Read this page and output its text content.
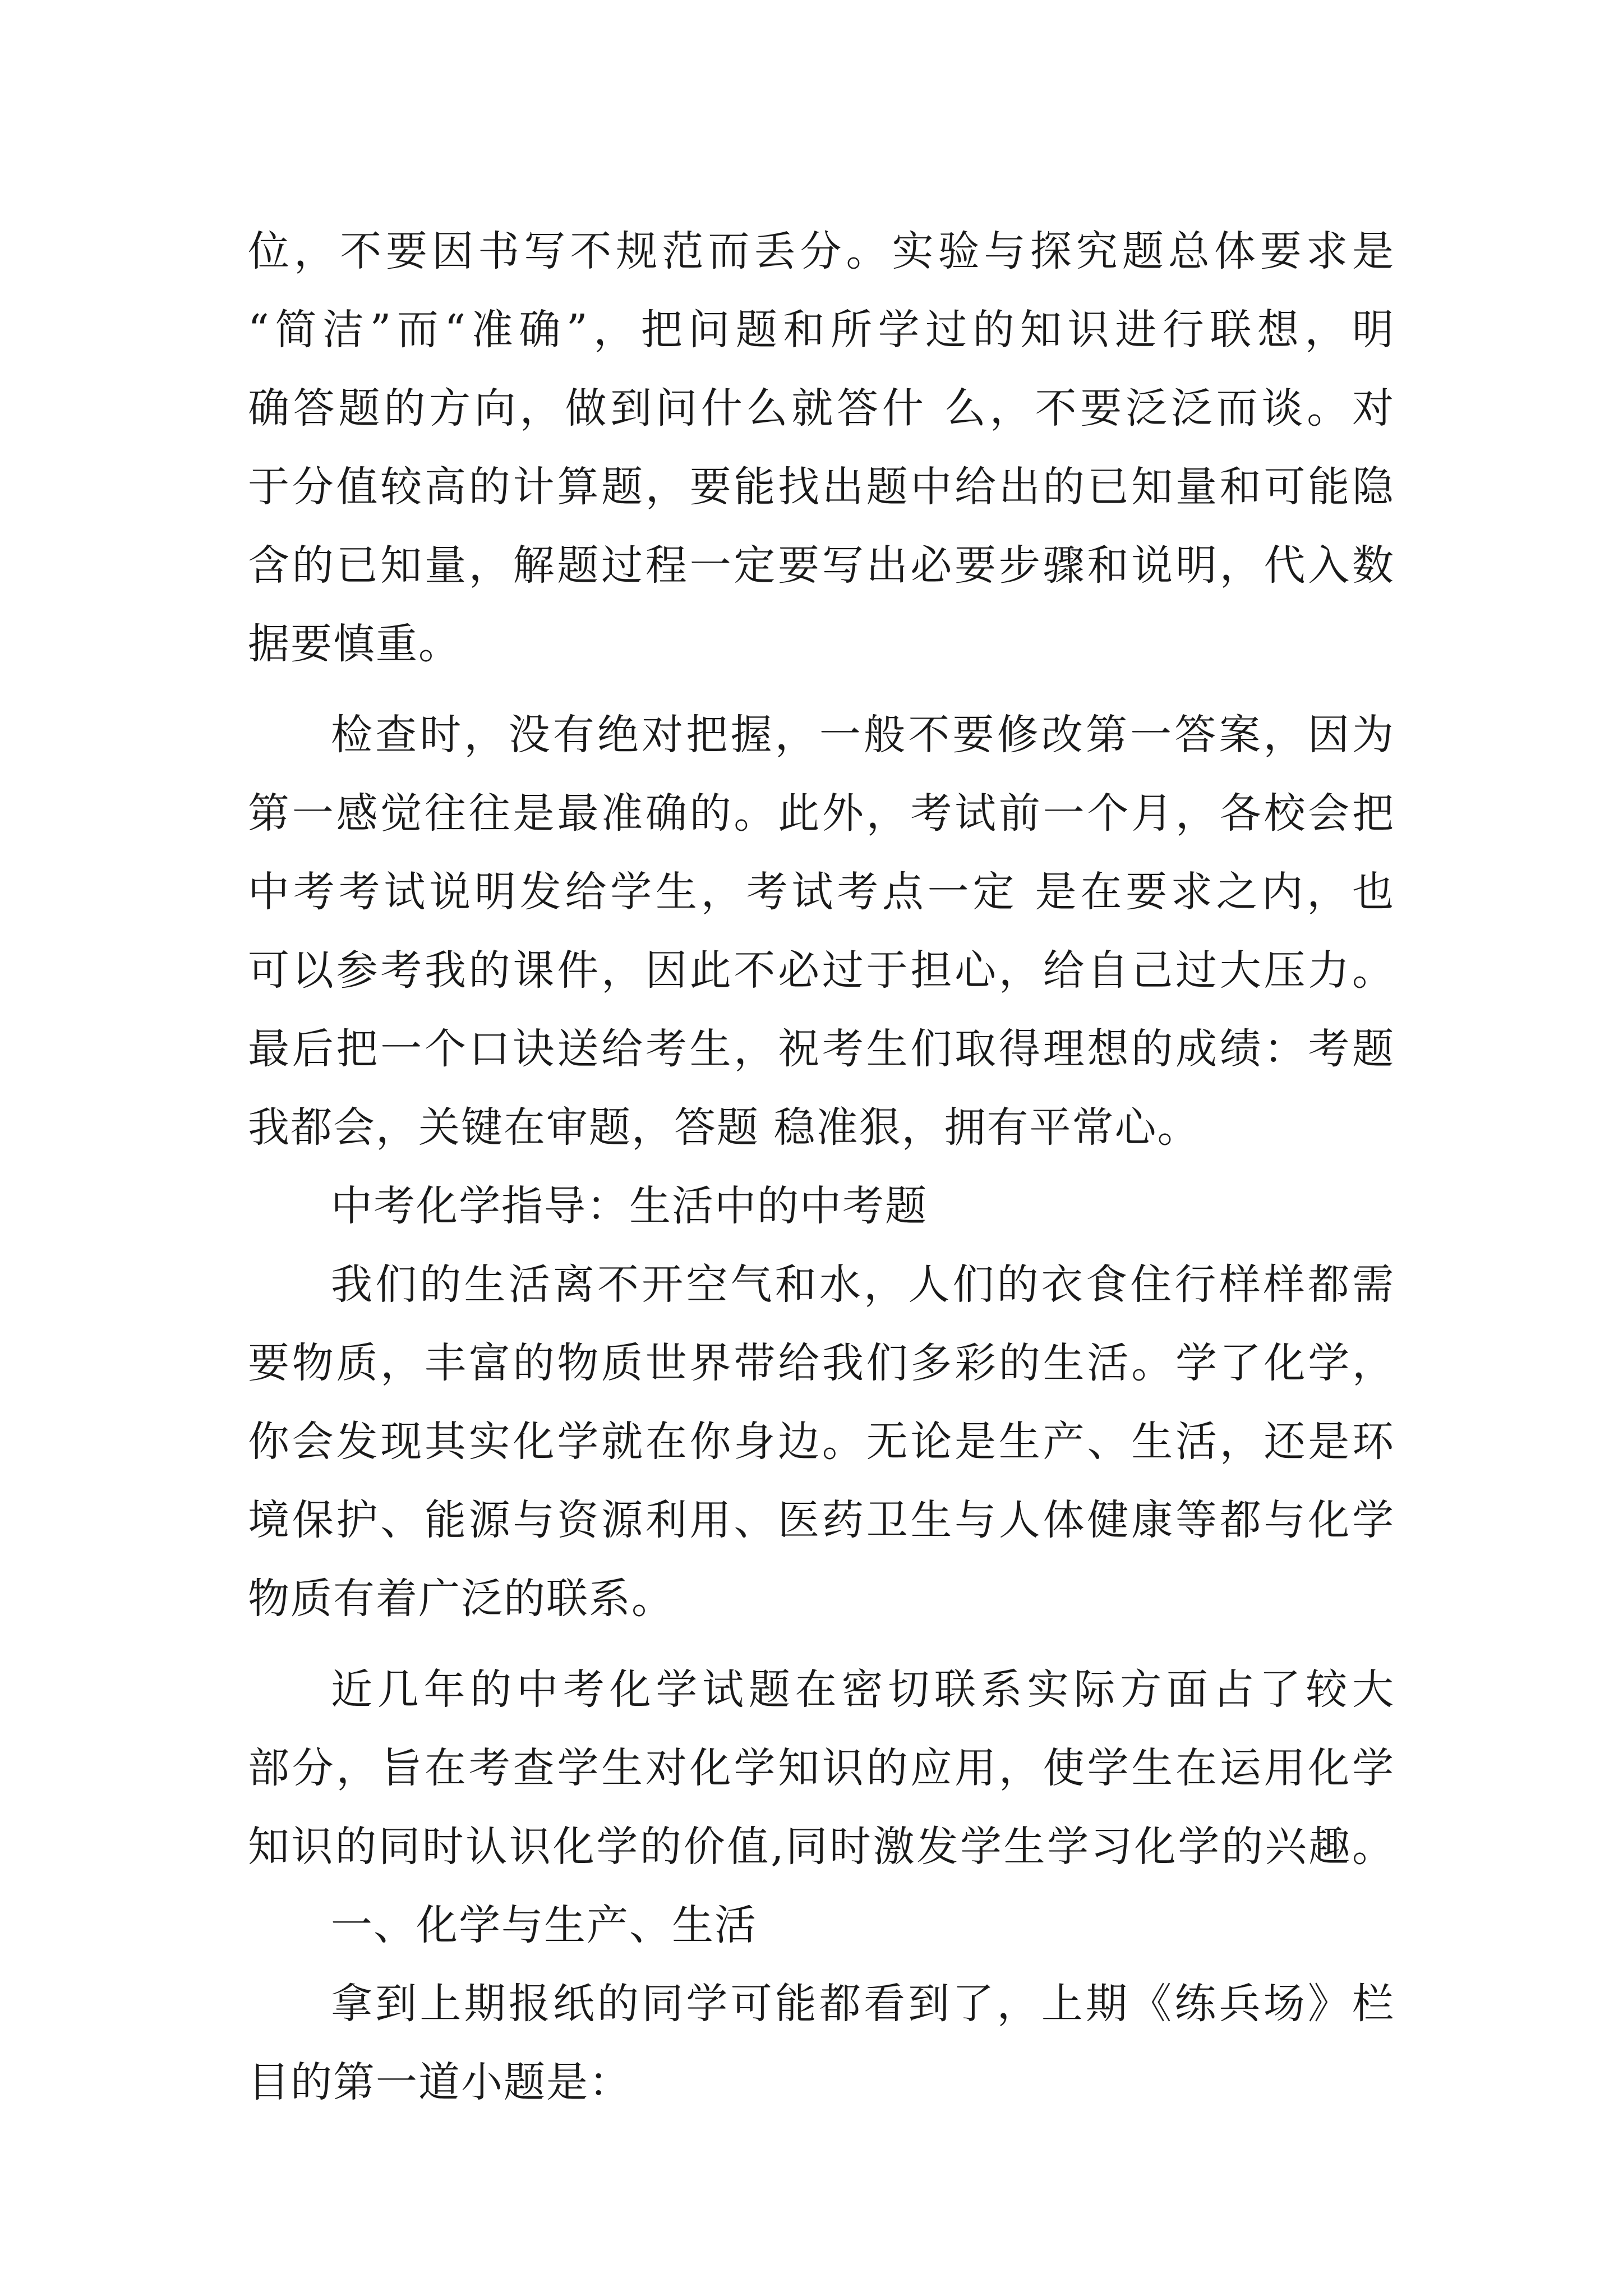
位，不要因书写不规范而丢分。实验与探究题总体要求是
“简洁”而“准确”，把问题和所学过的知识进行联想，明
确答题的方向，做到问什么就答什 么，不要泛泛而谈。对
于分值较高的计算题，要能找出题中给出的已知量和可能隐
含的已知量，解题过程一定要写出必要步骤和说明，代入数
据要慎重。
检查时，没有绝对把握，一般不要修改第一答案，因为
第一感觉往往是最准确的。此外，考试前一个月，各校会把
中考考试说明发给学生，考试考点一定 是在要求之内，也
可以参考我的课件，因此不必过于担心，给自己过大压力。
最后把一个口诀送给考生，祝考生们取得理想的成绩：考题
我都会，关键在审题，答题 稳准狠，拥有平常心。
中考化学指导：生活中的中考题
我们的生活离不开空气和水，人们的衣食住行样样都需
要物质，丰富的物质世界带给我们多彩的生活。学了化学，
你会发现其实化学就在你身边。无论是生产、生活，还是环
境保护、能源与资源利用、医药卫生与人体健康等都与化学
物质有着广泛的联系。
近几年的中考化学试题在密切联系实际方面占了较大
部分，旨在考查学生对化学知识的应用，使学生在运用化学
知识的同时认识化学的价值,同时激发学生学习化学的兴趣。
一、化学与生产、生活
拿到上期报纸的同学可能都看到了，上期《练兵场》栏
目的第一道小题是：
